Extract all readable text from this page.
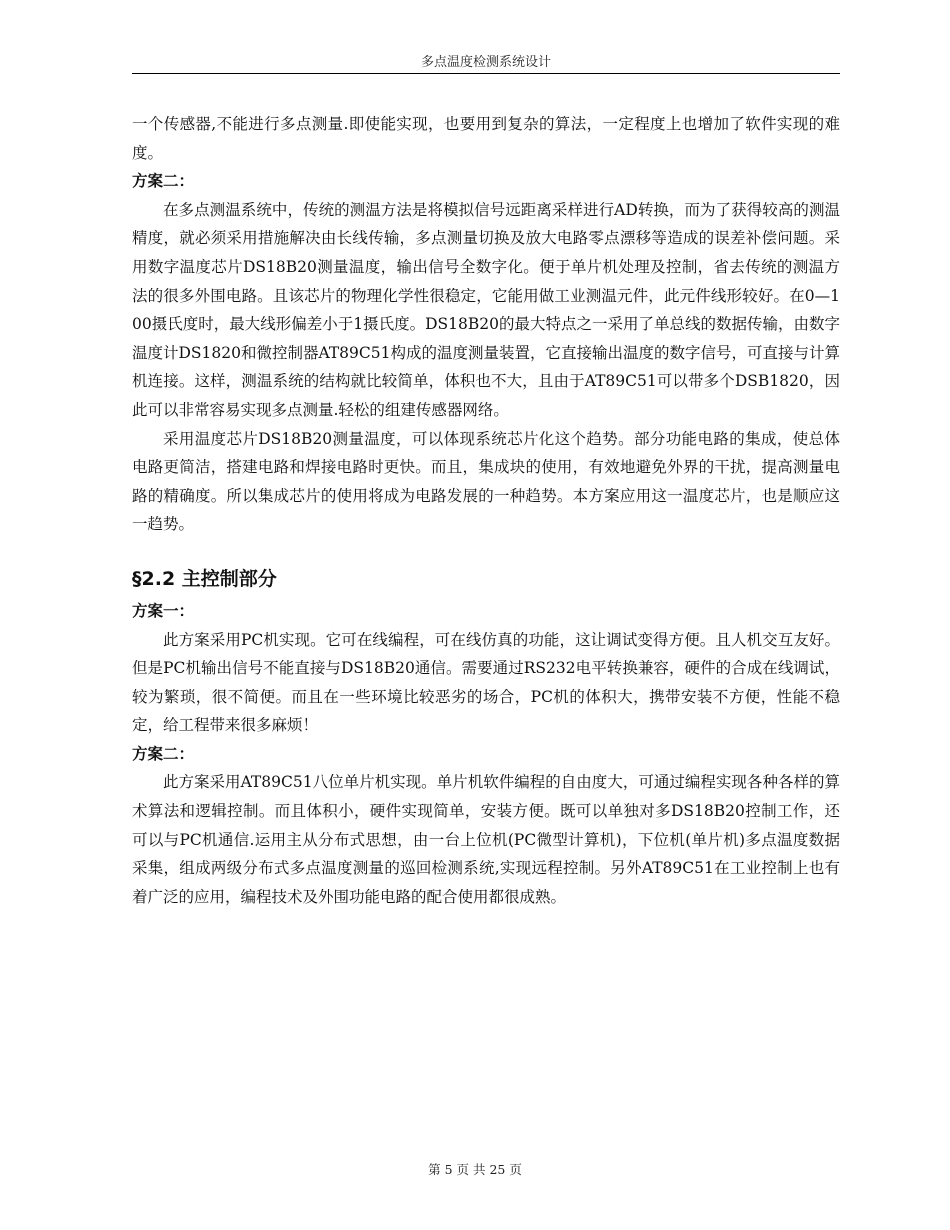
多点温度检测系统设计

一个传感器,不能进行多点测量.即使能实现，也要用到复杂的算法，一定程度上也增加了软件实现的难度。

方案二：

在多点测温系统中，传统的测温方法是将模拟信号远距离采样进行AD转换，而为了获得较高的测温精度，就必须采用措施解决由长线传输，多点测量切换及放大电路零点漂移等造成的误差补偿问题。采用数字温度芯片DS18B20测量温度，输出信号全数字化。便于单片机处理及控制，省去传统的测温方法的很多外围电路。且该芯片的物理化学性很稳定，它能用做工业测温元件，此元件线形较好。在0—100摄氏度时，最大线形偏差小于1摄氏度。DS18B20的最大特点之一采用了单总线的数据传输，由数字温度计DS1820和微控制器AT89C51构成的温度测量装置，它直接输出温度的数字信号，可直接与计算机连接。这样，测温系统的结构就比较简单，体积也不大，且由于AT89C51可以带多个DSB1820，因此可以非常容易实现多点测量.轻松的组建传感器网络。

采用温度芯片DS18B20测量温度，可以体现系统芯片化这个趋势。部分功能电路的集成，使总体电路更简洁，搭建电路和焊接电路时更快。而且，集成块的使用，有效地避免外界的干扰，提高测量电路的精确度。所以集成芯片的使用将成为电路发展的一种趋势。本方案应用这一温度芯片，也是顺应这一趋势。

§2.2 主控制部分
方案一：

此方案采用PC机实现。它可在线编程，可在线仿真的功能，这让调试变得方便。且人机交互友好。但是PC机输出信号不能直接与DS18B20通信。需要通过RS232电平转换兼容，硬件的合成在线调试，较为繁琐，很不简便。而且在一些环境比较恶劣的场合，PC机的体积大，携带安装不方便，性能不稳定，给工程带来很多麻烦！

方案二：

此方案采用AT89C51八位单片机实现。单片机软件编程的自由度大，可通过编程实现各种各样的算术算法和逻辑控制。而且体积小，硬件实现简单，安装方便。既可以单独对多DS18B20控制工作，还可以与PC机通信.运用主从分布式思想，由一台上位机(PC微型计算机)，下位机(单片机)多点温度数据采集，组成两级分布式多点温度测量的巡回检测系统,实现远程控制。另外AT89C51在工业控制上也有着广泛的应用，编程技术及外围功能电路的配合使用都很成熟。

第 5 页 共 25 页
